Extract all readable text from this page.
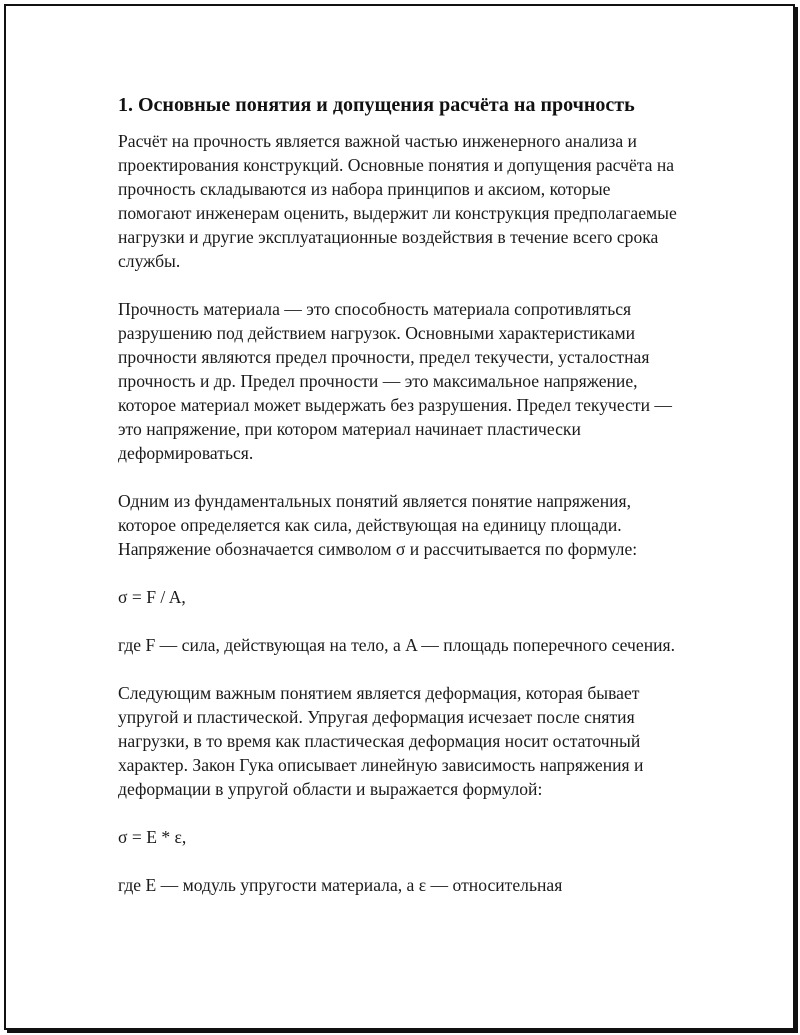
1. Основные понятия и допущения расчёта на прочность

Расчёт на прочность является важной частью инженерного анализа и проектирования конструкций. Основные понятия и допущения расчёта на прочность складываются из набора принципов и аксиом, которые помогают инженерам оценить, выдержит ли конструкция предполагаемые нагрузки и другие эксплуатационные воздействия в течение всего срока службы.

Прочность материала — это способность материала сопротивляться разрушению под действием нагрузок. Основными характеристиками прочности являются предел прочности, предел текучести, усталостная прочность и др. Предел прочности — это максимальное напряжение, которое материал может выдержать без разрушения. Предел текучести — это напряжение, при котором материал начинает пластически деформироваться.

Одним из фундаментальных понятий является понятие напряжения, которое определяется как сила, действующая на единицу площади. Напряжение обозначается символом σ и рассчитывается по формуле:

σ = F / A,

где F — сила, действующая на тело, а A — площадь поперечного сечения.

Следующим важным понятием является деформация, которая бывает упругой и пластической. Упругая деформация исчезает после снятия нагрузки, в то время как пластическая деформация носит остаточный характер. Закон Гука описывает линейную зависимость напряжения и деформации в упругой области и выражается формулой:

σ = E * ε,

где E — модуль упругости материала, а ε — относительная
